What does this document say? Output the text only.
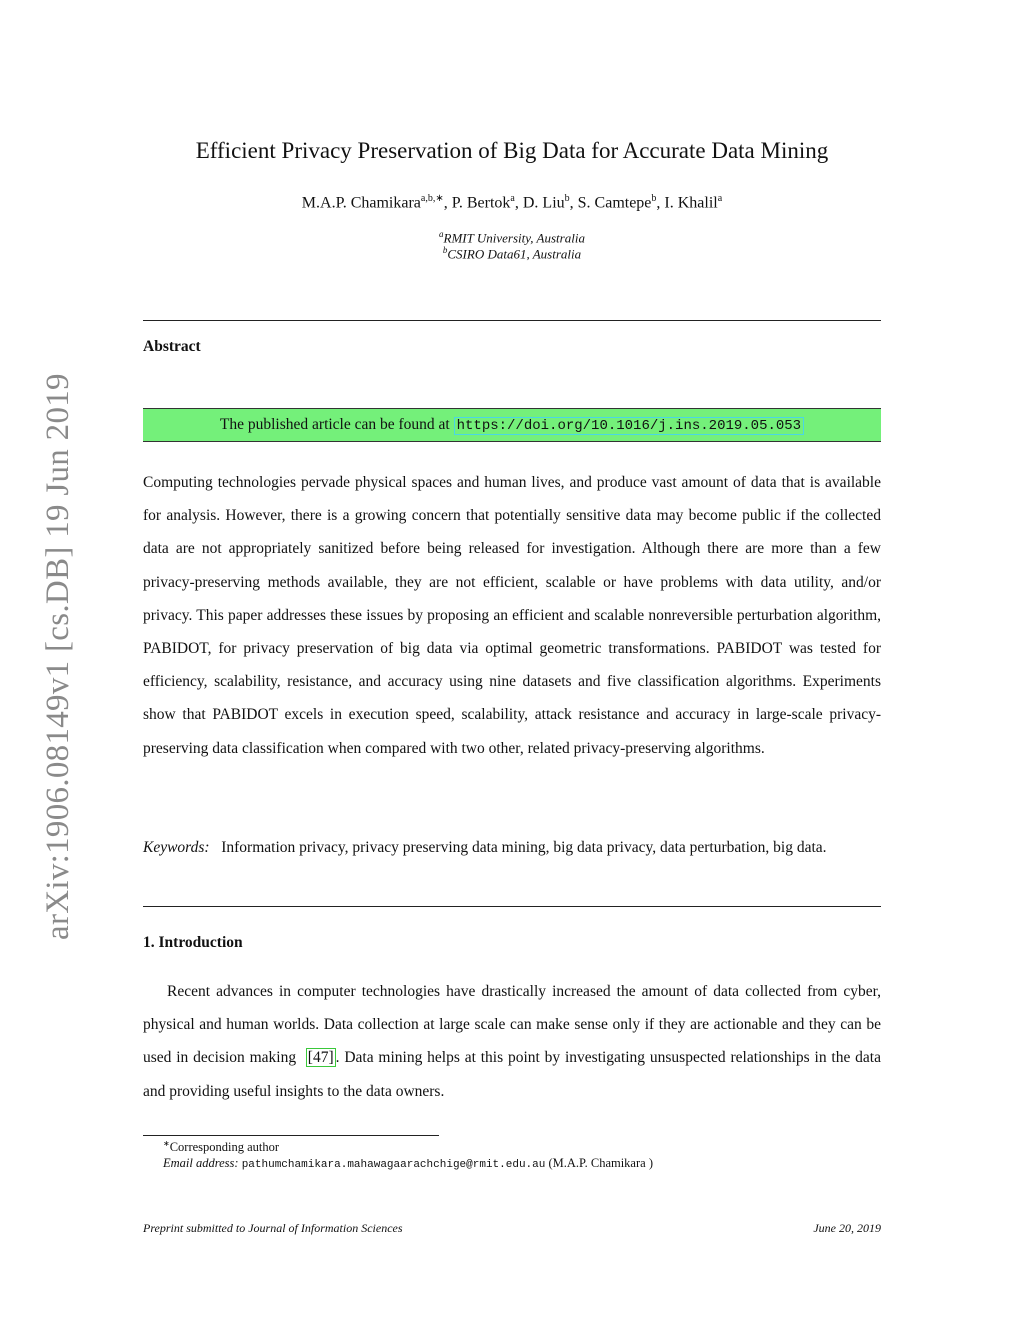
arXiv:1906.08149v1 [cs.DB] 19 Jun 2019
Efficient Privacy Preservation of Big Data for Accurate Data Mining
M.A.P. Chamikara$^{a,b,∗}$, P. Bertok$^a$, D. Liu$^b$, S. Camtepe$^b$, I. Khalil$^a$
$^a$RMIT University, Australia
$^b$CSIRO Data61, Australia
Abstract
The published article can be found at https://doi.org/10.1016/j.ins.2019.05.053

Computing technologies pervade physical spaces and human lives, and produce vast amount of data that is available for analysis. However, there is a growing concern that potentially sensitive data may become public if the collected data are not appropriately sanitized before being released for investigation. Although there are more than a few privacy-preserving methods available, they are not efficient, scalable or have problems with data utility, and/or privacy. This paper addresses these issues by proposing an efficient and scalable nonreversible perturbation algorithm, PABIDOT, for privacy preservation of big data via optimal geometric transformations. PABIDOT was tested for efficiency, scalability, resistance, and accuracy using nine datasets and five classification algorithms. Experiments show that PABIDOT excels in execution speed, scalability, attack resistance and accuracy in large-scale privacy-preserving data classification when compared with two other, related privacy-preserving algorithms.

Keywords: Information privacy, privacy preserving data mining, big data privacy, data perturbation, big data.

1. Introduction

Recent advances in computer technologies have drastically increased the amount of data collected from cyber, physical and human worlds. Data collection at large scale can make sense only if they are actionable and they can be used in decision making [47] . Data mining helps at this point by investigating unsuspected relationships in the data and providing useful insights to the data owners.

∗Corresponding author
Email address: pathumchamikara.mahawagaarachchige@rmit.edu.au (M.A.P. Chamikara )
Preprint submitted to Journal of Information Sciences	June 20, 2019
